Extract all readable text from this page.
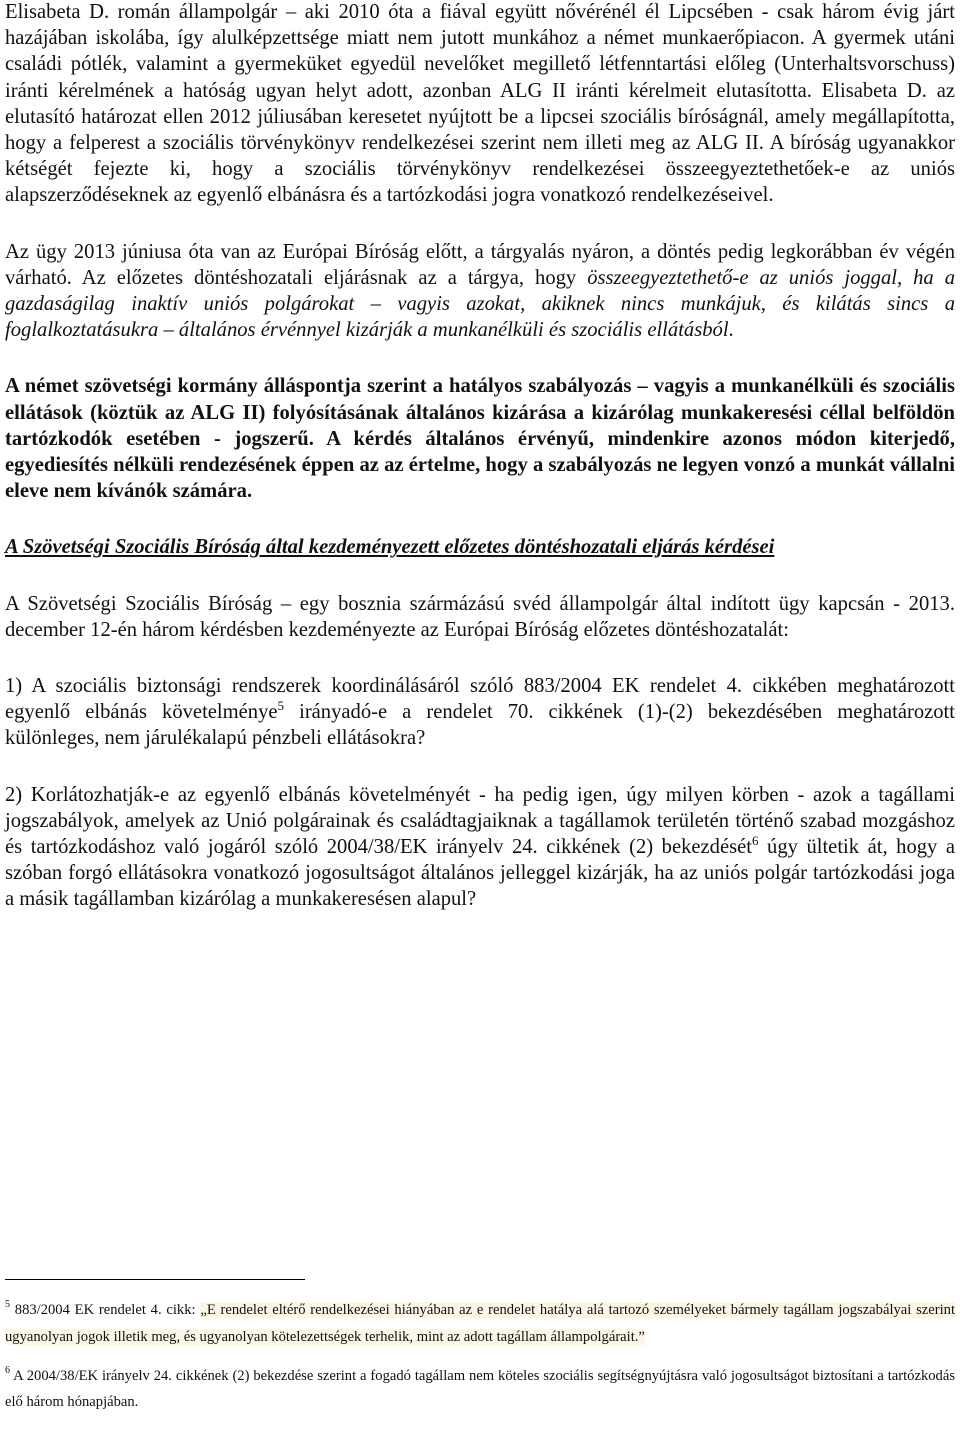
Elisabeta D. román állampolgár – aki 2010 óta a fiával együtt nővérénél él Lipcsében - csak három évig járt hazájában iskolába, így alulképzettsége miatt nem jutott munkához a német munkaerőpiacon. A gyermek utáni családi pótlék, valamint a gyermeküket egyedül nevelőket megillető létfenntartási előleg (Unterhaltsvorschuss) iránti kérelmének a hatóság ugyan helyt adott, azonban ALG II iránti kérelmeit elutasította. Elisabeta D. az elutasító határozat ellen 2012 júliusában keresetet nyújtott be a lipcsei szociális bíróságnál, amely megállapította, hogy a felperest a szociális törvénykönyv rendelkezései szerint nem illeti meg az ALG II. A bíróság ugyanakkor kétségét fejezte ki, hogy a szociális törvénykönyv rendelkezései összeegyeztethetőek-e az uniós alapszerződéseknek az egyenlő elbánásra és a tartózkodási jogra vonatkozó rendelkezéseivel.

Az ügy 2013 júniusa óta van az Európai Bíróság előtt, a tárgyalás nyáron, a döntés pedig legkorábban év végén várható. Az előzetes döntéshozatali eljárásnak az a tárgya, hogy összeegyeztethető-e az uniós joggal, ha a gazdaságilag inaktív uniós polgárokat – vagyis azokat, akiknek nincs munkájuk, és kilátás sincs a foglalkoztatásukra – általános érvénnyel kizárják a munkanélküli és szociális ellátásból.

A német szövetségi kormány álláspontja szerint a hatályos szabályozás – vagyis a munkanélküli és szociális ellátások (köztük az ALG II) folyósításának általános kizárása a kizárólag munkakeresési céllal belföldön tartózkodók esetében - jogszerű. A kérdés általános érvényű, mindenkire azonos módon kiterjedő, egyediesítés nélküli rendezésének éppen az az értelme, hogy a szabályozás ne legyen vonzó a munkát vállalni eleve nem kívánók számára.

A Szövetségi Szociális Bíróság által kezdeményezett előzetes döntéshozatali eljárás kérdései

A Szövetségi Szociális Bíróság – egy bosznia szármázású svéd állampolgár által indított ügy kapcsán - 2013. december 12-én három kérdésben kezdeményezte az Európai Bíróság előzetes döntéshozatalát:

1) A szociális biztonsági rendszerek koordinálásáról szóló 883/2004 EK rendelet 4. cikkében meghatározott egyenlő elbánás követelménye$^5$ irányadó-e a rendelet 70. cikkének (1)-(2) bekezdésében meghatározott különleges, nem járulékalapú pénzbeli ellátásokra?

2) Korlátozhatják-e az egyenlő elbánás követelményét - ha pedig igen, úgy milyen körben - azok a tagállami jogszabályok, amelyek az Unió polgárainak és családtagjaiknak a tagállamok területén történő szabad mozgáshoz és tartózkodáshoz való jogáról szóló 2004/38/EK irányelv 24. cikkének (2) bekezdését$^6$ úgy ültetik át, hogy a szóban forgó ellátásokra vonatkozó jogosultságot általános jelleggel kizárják, ha az uniós polgár tartózkodási joga a másik tagállamban kizárólag a munkakeresésen alapul?

$^5$ 883/2004 EK rendelet 4. cikk: „E rendelet eltérő rendelkezései hiányában az e rendelet hatálya alá tartozó személyeket bármely tagállam jogszabályai szerint ugyanolyan jogok illetik meg, és ugyanolyan kötelezettségek terhelik, mint az adott tagállam állampolgárait.”

$^6$ A 2004/38/EK irányelv 24. cikkének (2) bekezdése szerint a fogadó tagállam nem köteles szociális segítségnyújtásra való jogosultságot biztosítani a tartózkodás elő három hónapjában.
